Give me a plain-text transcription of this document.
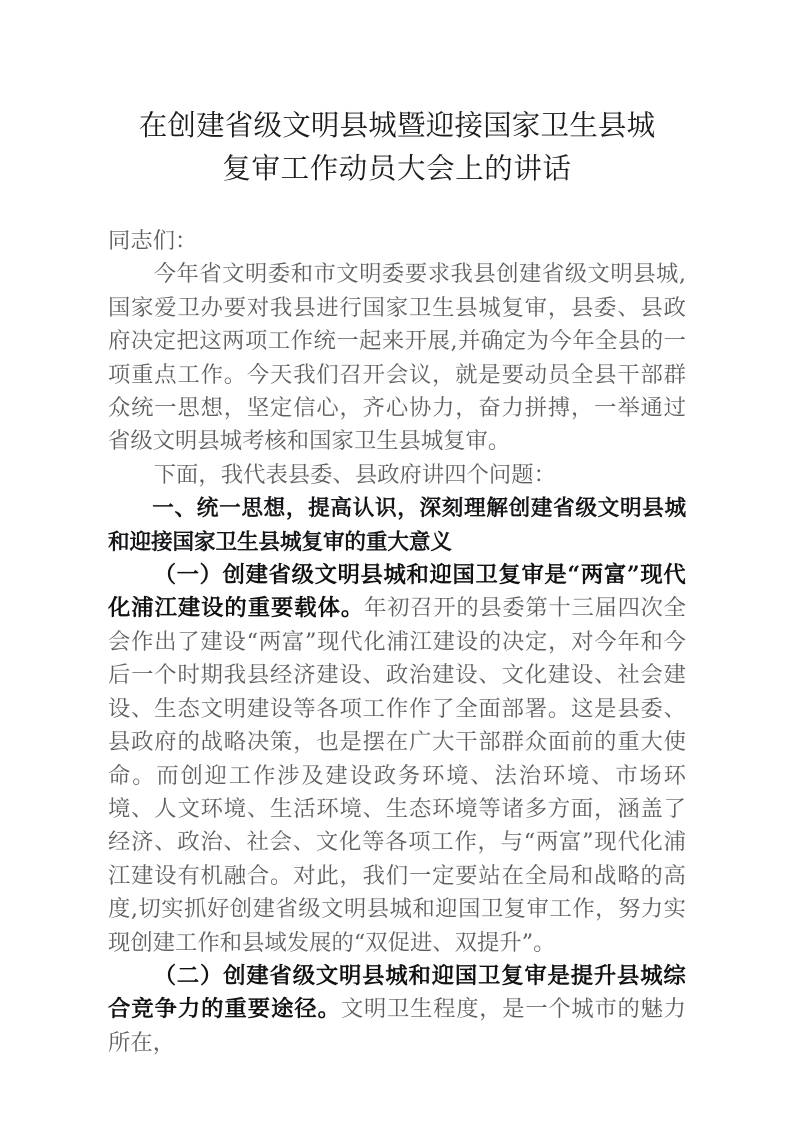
在创建省级文明县城暨迎接国家卫生县城
复审工作动员大会上的讲话

同志们：

今年省文明委和市文明委要求我县创建省级文明县城,国家爱卫办要对我县进行国家卫生县城复审，县委、县政府决定把这两项工作统一起来开展,并确定为今年全县的一项重点工作。今天我们召开会议，就是要动员全县干部群众统一思想，坚定信心，齐心协力，奋力拼搏，一举通过省级文明县城考核和国家卫生县城复审。

下面，我代表县委、县政府讲四个问题：

一、统一思想，提高认识，深刻理解创建省级文明县城和迎接国家卫生县城复审的重大意义

（一）创建省级文明县城和迎国卫复审是“两富”现代化浦江建设的重要载体。年初召开的县委第十三届四次全会作出了建设“两富”现代化浦江建设的决定，对今年和今后一个时期我县经济建设、政治建设、文化建设、社会建设、生态文明建设等各项工作作了全面部署。这是县委、县政府的战略决策，也是摆在广大干部群众面前的重大使命。而创迎工作涉及建设政务环境、法治环境、市场环境、人文环境、生活环境、生态环境等诸多方面，涵盖了经济、政治、社会、文化等各项工作，与“两富”现代化浦江建设有机融合。对此，我们一定要站在全局和战略的高度,切实抓好创建省级文明县城和迎国卫复审工作，努力实现创建工作和县域发展的“双促进、双提升”。

（二）创建省级文明县城和迎国卫复审是提升县城综合竞争力的重要途径。文明卫生程度，是一个城市的魅力所在，
